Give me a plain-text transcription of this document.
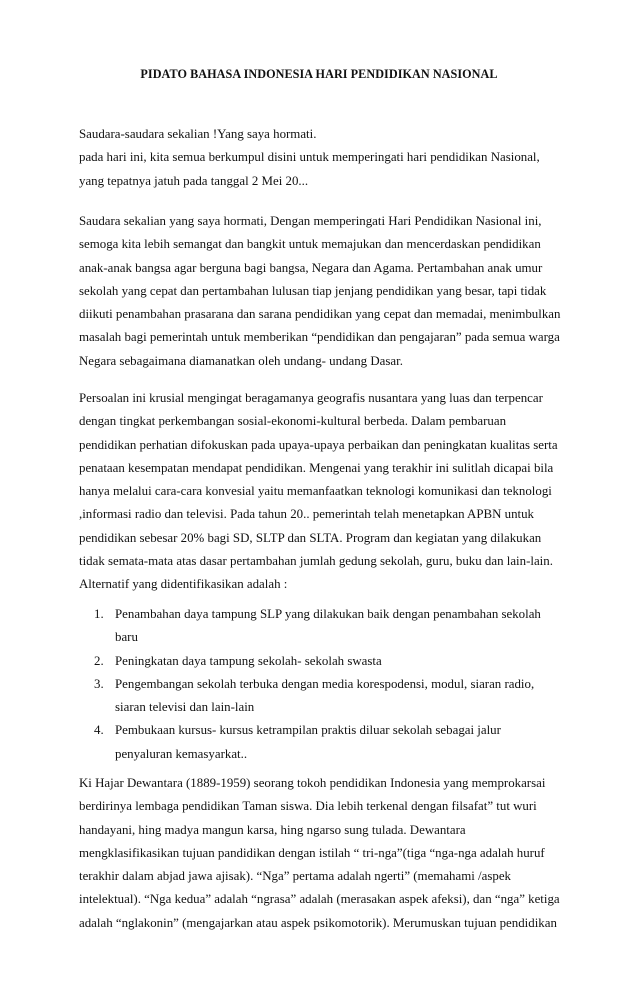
PIDATO BAHASA INDONESIA HARI PENDIDIKAN NASIONAL
Saudara-saudara sekalian !Yang saya hormati.
pada hari ini, kita semua berkumpul disini untuk memperingati hari pendidikan Nasional,
yang tepatnya jatuh pada tanggal 2 Mei 20...
Saudara sekalian yang saya hormati, Dengan memperingati Hari Pendidikan Nasional ini,
semoga kita lebih semangat dan bangkit untuk memajukan dan mencerdaskan pendidikan
anak-anak bangsa agar berguna bagi bangsa, Negara dan Agama. Pertambahan anak umur
sekolah yang cepat dan pertambahan lulusan tiap jenjang pendidikan yang besar, tapi tidak
diikuti penambahan prasarana dan sarana pendidikan yang cepat dan memadai, menimbulkan
masalah bagi pemerintah untuk memberikan “pendidikan dan pengajaran” pada semua warga
Negara sebagaimana diamanatkan oleh undang- undang Dasar.
Persoalan ini krusial mengingat beragamanya geografis nusantara yang luas dan terpencar
dengan tingkat perkembangan sosial-ekonomi-kultural berbeda. Dalam pembaruan
pendidikan perhatian difokuskan pada upaya-upaya perbaikan dan peningkatan kualitas serta
penataan kesempatan mendapat pendidikan. Mengenai yang terakhir ini sulitlah dicapai bila
hanya melalui cara-cara konvesial yaitu memanfaatkan teknologi komunikasi dan teknologi
,informasi radio dan televisi. Pada tahun 20.. pemerintah telah menetapkan APBN untuk
pendidikan sebesar 20% bagi SD, SLTP dan SLTA. Program dan kegiatan yang dilakukan
tidak semata-mata atas dasar pertambahan jumlah gedung sekolah, guru, buku dan lain-lain.
Alternatif yang didentifikasikan adalah :
1. Penambahan daya tampung SLP yang dilakukan baik dengan penambahan sekolah
baru
2. Peningkatan daya tampung sekolah- sekolah swasta
3. Pengembangan sekolah terbuka dengan media korespodensi, modul, siaran radio,
siaran televisi dan lain-lain
4. Pembukaan kursus- kursus ketrampilan praktis diluar sekolah sebagai jalur
penyaluran kemasyarkat..
Ki Hajar Dewantara (1889-1959) seorang tokoh pendidikan Indonesia yang memprokarsai
berdirinya lembaga pendidikan Taman siswa. Dia lebih terkenal dengan filsafat” tut wuri
handayani, hing madya mangun karsa, hing ngarso sung tulada. Dewantara
mengklasifikasikan tujuan pandidikan dengan istilah “ tri-nga”(tiga “nga-nga adalah huruf
terakhir dalam abjad jawa ajisak). “Nga” pertama adalah ngerti” (memahami /aspek
intelektual). “Nga kedua” adalah “ngrasa” adalah (merasakan aspek afeksi), dan “nga” ketiga
adalah “nglakonin” (mengajarkan atau aspek psikomotorik). Merumuskan tujuan pendidikan
